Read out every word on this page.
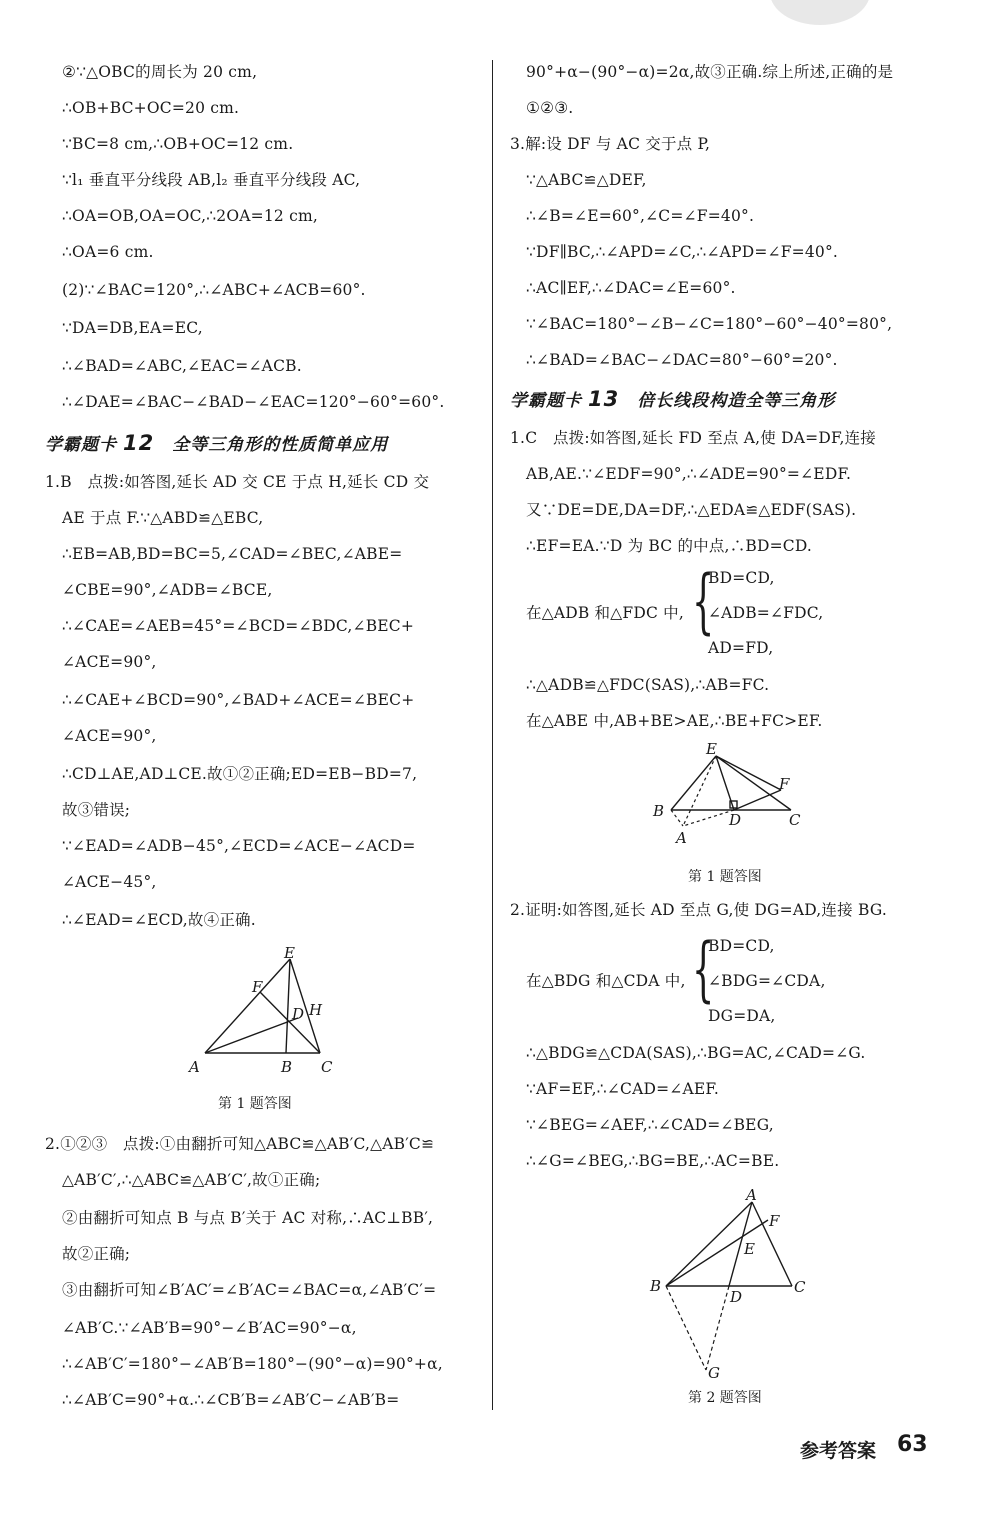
②∵△OBC的周长为 20 cm,
∴OB+BC+OC=20 cm.
∵BC=8 cm,∴OB+OC=12 cm.
∵l₁ 垂直平分线段 AB,l₂ 垂直平分线段 AC,
∴OA=OB,OA=OC,∴2OA=12 cm,
∴OA=6 cm.
(2)∵∠BAC=120°,∴∠ABC+∠ACB=60°.
∵DA=DB,EA=EC,
∴∠BAD=∠ABC,∠EAC=∠ACB.
∴∠DAE=∠BAC−∠BAD−∠EAC=120°−60°=60°.
学霸题卡 12 全等三角形的性质简单应用
1.B　点拨:如答图,延长 AD 交 CE 于点 H,延长 CD 交
AE 于点 F.∵△ABD≌△EBC,
∴EB=AB,BD=BC=5,∠CAD=∠BEC,∠ABE=
∠CBE=90°,∠ADB=∠BCE,
∴∠CAE=∠AEB=45°=∠BCD=∠BDC,∠BEC+
∠ACE=90°,
∴∠CAE+∠BCD=90°,∠BAD+∠ACE=∠BEC+
∠ACE=90°,
∴CD⊥AE,AD⊥CE.故①②正确;ED=EB−BD=7,
故③错误;
∵∠EAD=∠ADB−45°,∠ECD=∠ACE−∠ACD=
∠ACE−45°,
∴∠EAD=∠ECD,故④正确.
E
F
D H
A	B C
第 1 题答图
2.①②③　点拨:①由翻折可知△ABC≌△AB′C,△AB′C≌
△AB′C′,∴△ABC≌△AB′C′,故①正确;
②由翻折可知点 B 与点 B′关于 AC 对称,∴AC⊥BB′,
故②正确;
③由翻折可知∠B′AC′=∠B′AC=∠BAC=α,∠AB′C′=
∠AB′C.∵∠AB′B=90°−∠B′AC=90°−α,
∴∠AB′C′=180°−∠AB′B=180°−(90°−α)=90°+α,
∴∠AB′C=90°+α.∴∠CB′B=∠AB′C−∠AB′B=
90°+α−(90°−α)=2α,故③正确.综上所述,正确的是
①②③.
3.解:设 DF 与 AC 交于点 P,
∵△ABC≌△DEF,
∴∠B=∠E=60°,∠C=∠F=40°.
∵DF∥BC,∴∠APD=∠C,∴∠APD=∠F=40°.
∴AC∥EF,∴∠DAC=∠E=60°.
∵∠BAC=180°−∠B−∠C=180°−60°−40°=80°,
∴∠BAD=∠BAC−∠DAC=80°−60°=20°.
学霸题卡 13 倍长线段构造全等三角形
1.C　点拨:如答图,延长 FD 至点 A,使 DA=DF,连接
AB,AE.∵∠EDF=90°,∴∠ADE=90°=∠EDF.
又∵DE=DE,DA=DF,∴△EDA≌△EDF(SAS).
∴EF=EA.∵D 为 BC 的中点,∴BD=CD.
在△ADB 和△FDC 中, {
BD=CD,
∠ADB=∠FDC,
AD=FD,
∴△ADB≌△FDC(SAS),∴AB=FC.
在△ABE 中,AB+BE>AE,∴BE+FC>EF.
E
F
B	D	C
A
第 1 题答图
2.证明:如答图,延长 AD 至点 G,使 DG=AD,连接 BG.
在△BDG 和△CDA 中, {
BD=CD,
∠BDG=∠CDA,
DG=DA,
∴△BDG≌△CDA(SAS),∴BG=AC,∠CAD=∠G.
∵AF=EF,∴∠CAD=∠AEF.
∵∠BEG=∠AEF,∴∠CAD=∠BEG,
∴∠G=∠BEG,∴BG=BE,∴AC=BE.
A
F
E
B
D
C
G
第 2 题答图
参考答案 63
